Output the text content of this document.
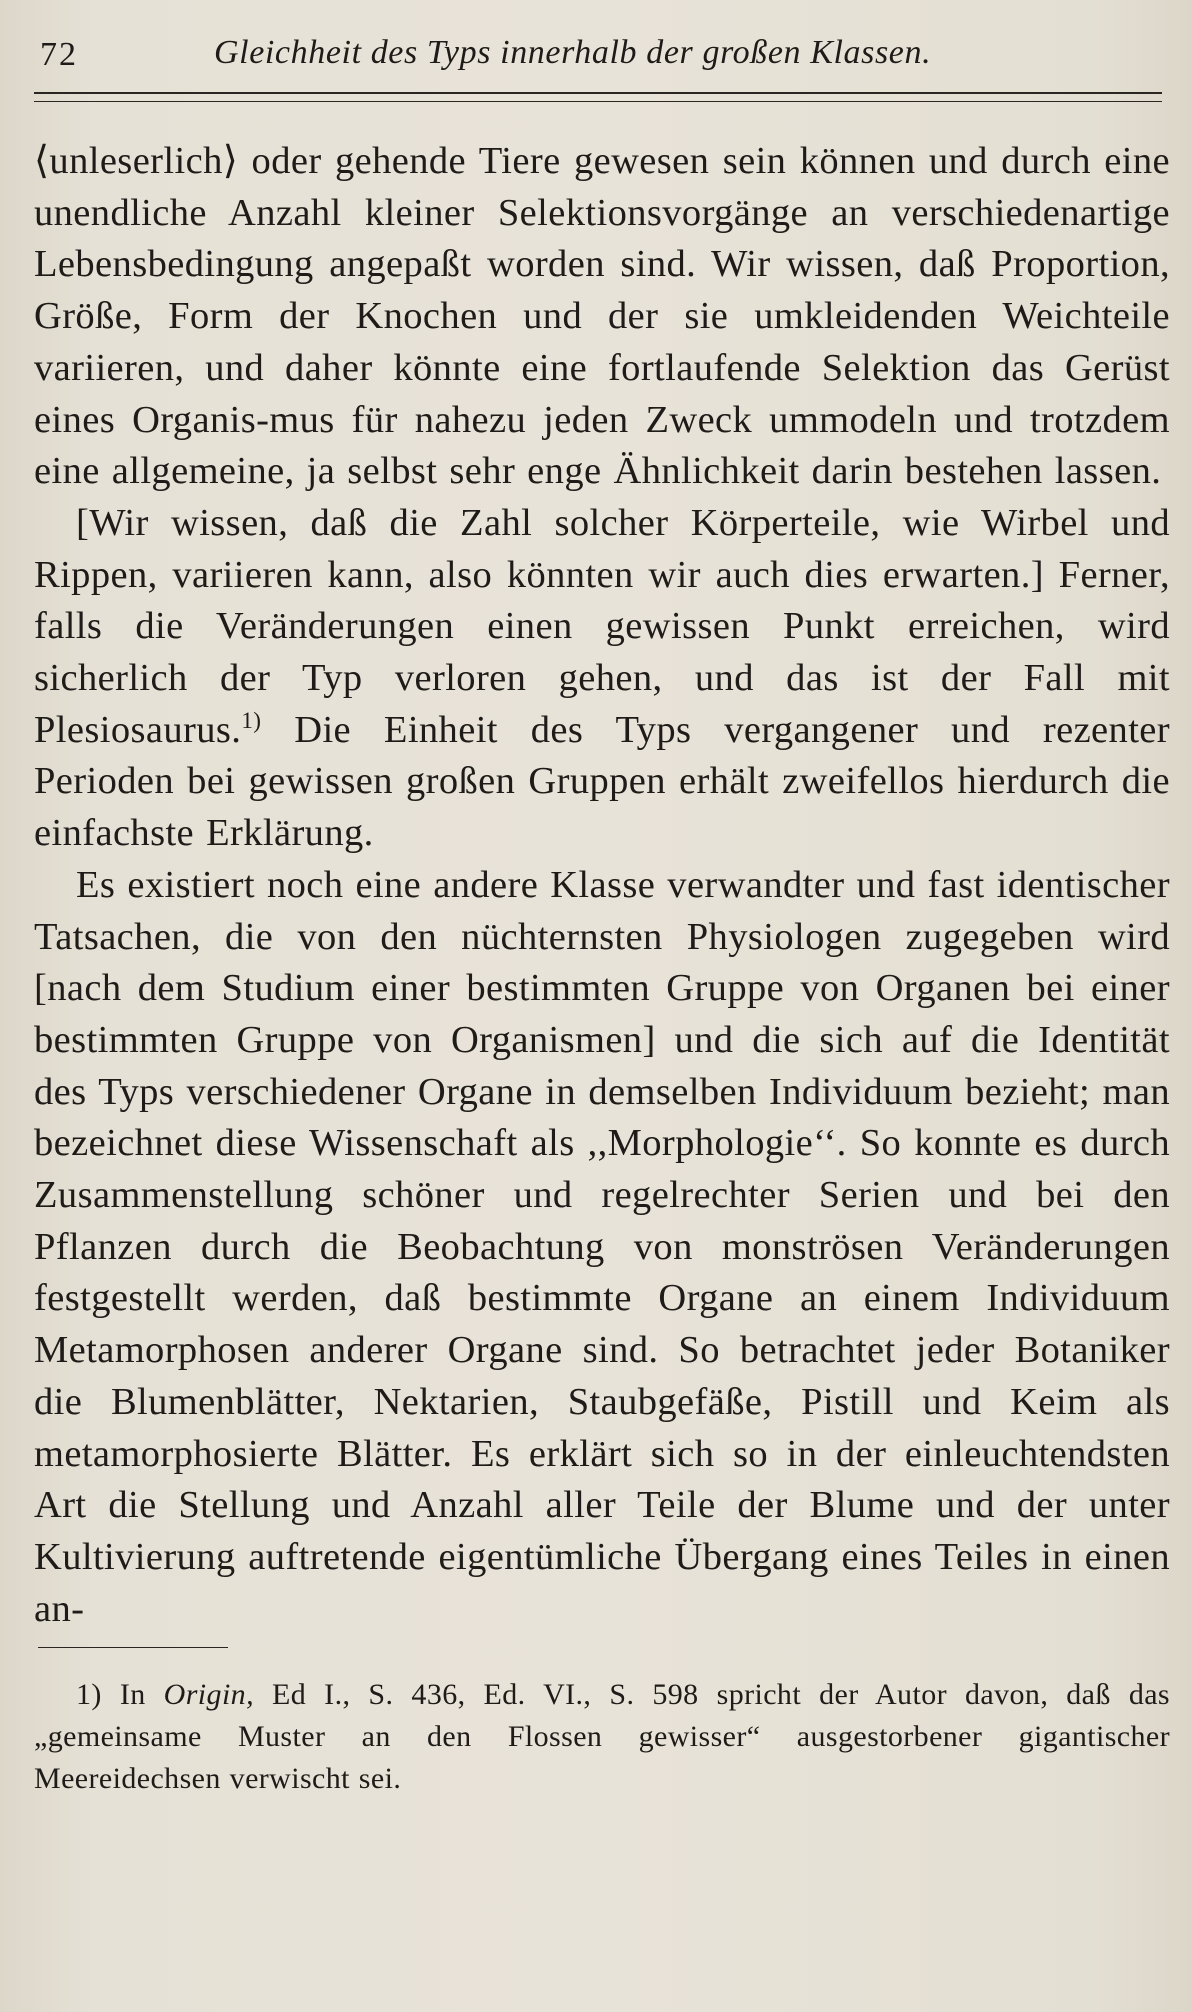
72	Gleichheit des Typs innerhalb der großen Klassen.

⟨unleserlich⟩ oder gehende Tiere gewesen sein können und durch eine unendliche Anzahl kleiner Selektionsvorgänge an verschiedenartige Lebensbedingung angepaßt worden sind. Wir wissen, daß Proportion, Größe, Form der Knochen und der sie umkleidenden Weichteile variieren, und daher könnte eine fortlaufende Selektion das Gerüst eines Organis-mus für nahezu jeden Zweck ummodeln und trotzdem eine allgemeine, ja selbst sehr enge Ähnlichkeit darin bestehen lassen.

[Wir wissen, daß die Zahl solcher Körperteile, wie Wirbel und Rippen, variieren kann, also könnten wir auch dies erwarten.] Ferner, falls die Veränderungen einen gewissen Punkt erreichen, wird sicherlich der Typ verloren gehen, und das ist der Fall mit Plesiosaurus.$^{1)}$ Die Einheit des Typs vergangener und rezenter Perioden bei gewissen großen Gruppen erhält zweifellos hierdurch die einfachste Erklärung.

Es existiert noch eine andere Klasse verwandter und fast identischer Tatsachen, die von den nüchternsten Physiologen zugegeben wird [nach dem Studium einer bestimmten Gruppe von Organen bei einer bestimmten Gruppe von Organismen] und die sich auf die Identität des Typs verschiedener Organe in demselben Individuum bezieht; man bezeichnet diese Wissenschaft als ,,Morphologie‘‘. So konnte es durch Zusammenstellung schöner und regelrechter Serien und bei den Pflanzen durch die Beobachtung von monströsen Veränderungen festgestellt werden, daß bestimmte Organe an einem Individuum Metamorphosen anderer Organe sind. So betrachtet jeder Botaniker die Blumenblätter, Nektarien, Staubgefäße, Pistill und Keim als metamorphosierte Blätter. Es erklärt sich so in der einleuchtendsten Art die Stellung und Anzahl aller Teile der Blume und der unter Kultivierung auftretende eigentümliche Übergang eines Teiles in einen an-

1) In Origin, Ed I., S. 436, Ed. VI., S. 598 spricht der Autor davon, daß das „gemeinsame Muster an den Flossen gewisser“ ausgestorbener gigantischer Meereidechsen verwischt sei.
